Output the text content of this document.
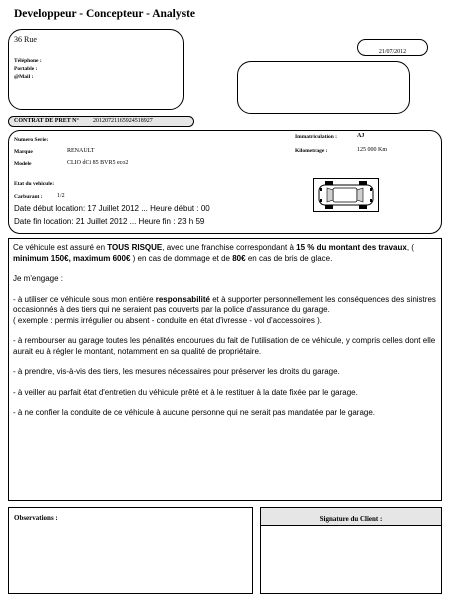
Developpeur - Concepteur - Analyste
36 Rue
Téléphone :
Portable :
@Mail :
21/07/2012
CONTRAT DE PRET N° 20120721165924518927
Numero Serie:
Marque	RENAULT
Modele	CLIO dCi 85 BVR5 eco2
Immatriculation :	AJ
Kilometrage :	125 000 Km
Etat du vehicule:
Carburant : 1/2
Date début location: 17 Juillet 2012 ... Heure début : 00
Date fin location: 21 Juillet 2012 ... Heure fin : 23 h 59

Ce véhicule est assuré en TOUS RISQUE, avec une franchise correspondant à 15 % du montant des travaux, ( minimum 150€, maximum 600€ ) en cas de dommage et de 80€ en cas de bris de glace.

Je m'engage :

- à utiliser ce véhicule sous mon entière responsabilité et à supporter personnellement les conséquences des sinistres occasionnés à des tiers qui ne seraient pas couverts par la police d'assurance du garage.
( exemple : permis irrégulier ou absent - conduite en état d'ivresse - vol d'accessoires ).

- à rembourser au garage toutes les pénalités encourues du fait de l'utilisation de ce véhicule, y compris celles dont elle aurait eu à régler le montant, notamment en sa qualité de propriétaire.

- à prendre, vis-à-vis des tiers, les mesures nécessaires pour préserver les droits du garage.

- à veiller au parfait état d'entretien du véhicule prêté et à le restituer à la date fixée par le garage.

- à ne confier la conduite de ce véhicule à aucune personne qui ne serait pas mandatée par le garage.

Observations :	Signature du Client :
